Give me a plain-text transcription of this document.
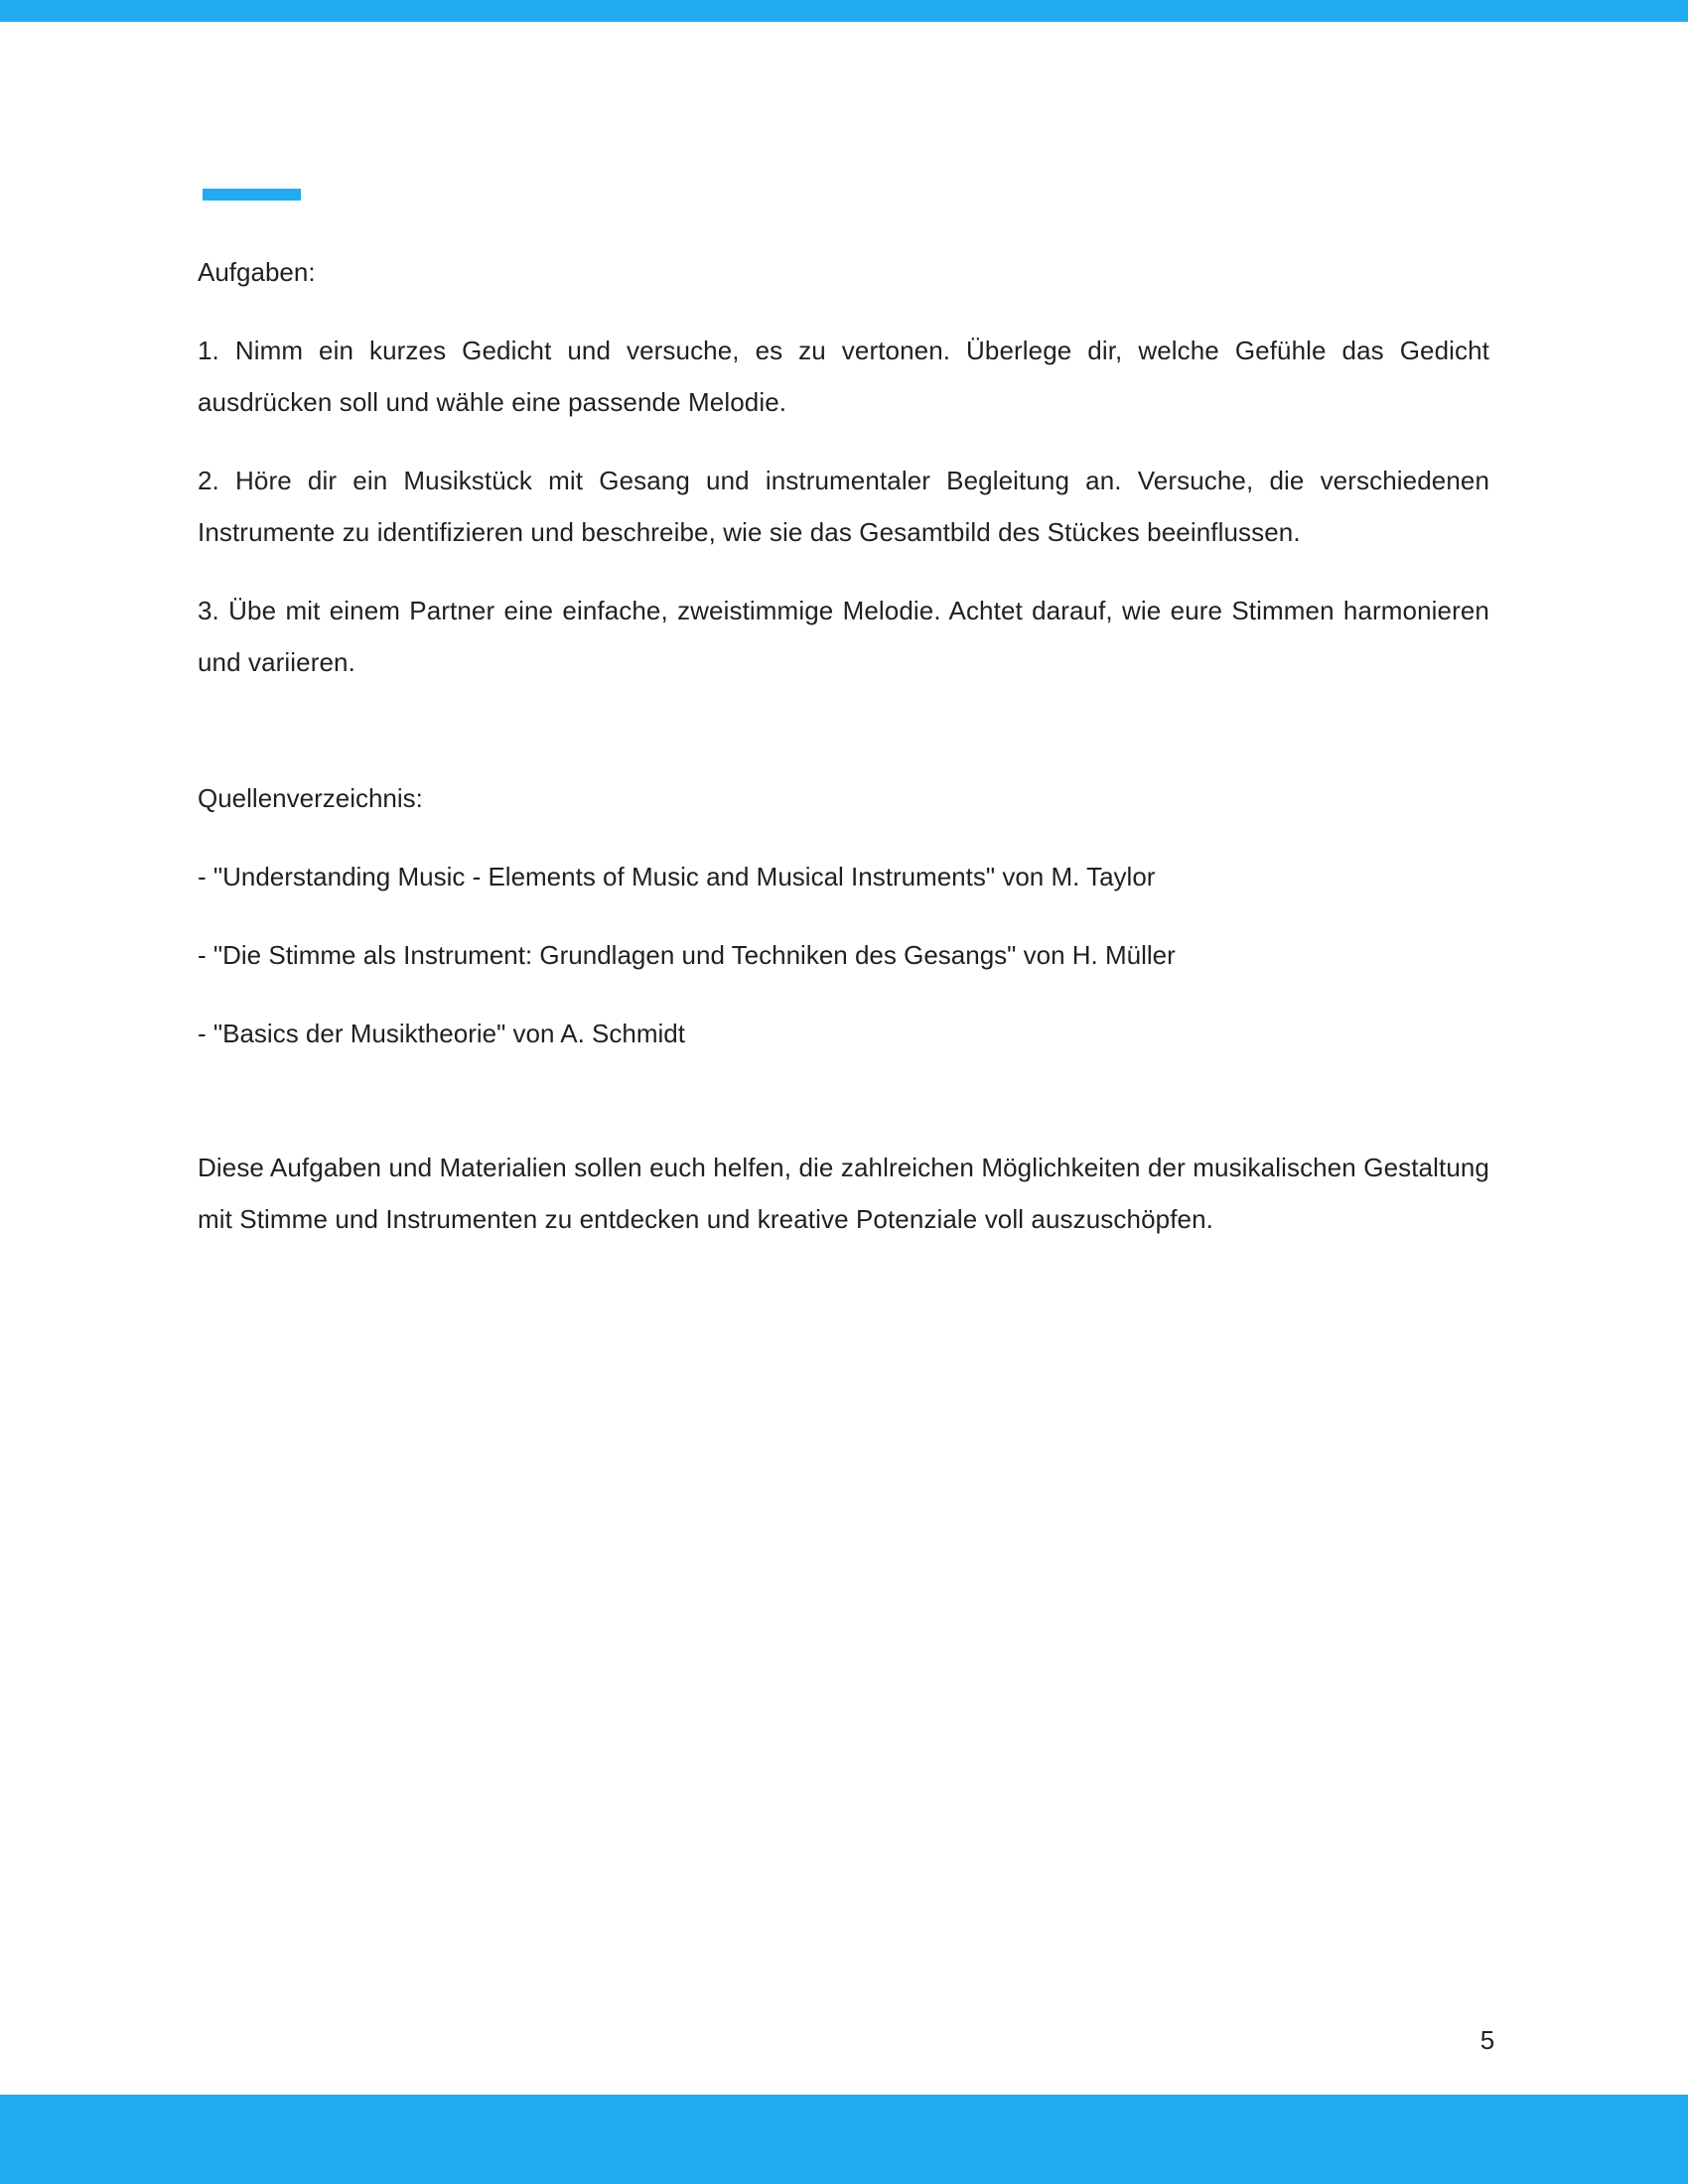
Aufgaben:

1. Nimm ein kurzes Gedicht und versuche, es zu vertonen. Überlege dir, welche Gefühle das Gedicht ausdrücken soll und wähle eine passende Melodie.

2. Höre dir ein Musikstück mit Gesang und instrumentaler Begleitung an. Versuche, die verschiedenen Instrumente zu identifizieren und beschreibe, wie sie das Gesamtbild des Stückes beeinflussen.

3. Übe mit einem Partner eine einfache, zweistimmige Melodie. Achtet darauf, wie eure Stimmen harmonieren und variieren.

Quellenverzeichnis:

- "Understanding Music - Elements of Music and Musical Instruments" von M. Taylor

- "Die Stimme als Instrument: Grundlagen und Techniken des Gesangs" von H. Müller

- "Basics der Musiktheorie" von A. Schmidt

Diese Aufgaben und Materialien sollen euch helfen, die zahlreichen Möglichkeiten der musikalischen Gestaltung mit Stimme und Instrumenten zu entdecken und kreative Potenziale voll auszuschöpfen.

5
